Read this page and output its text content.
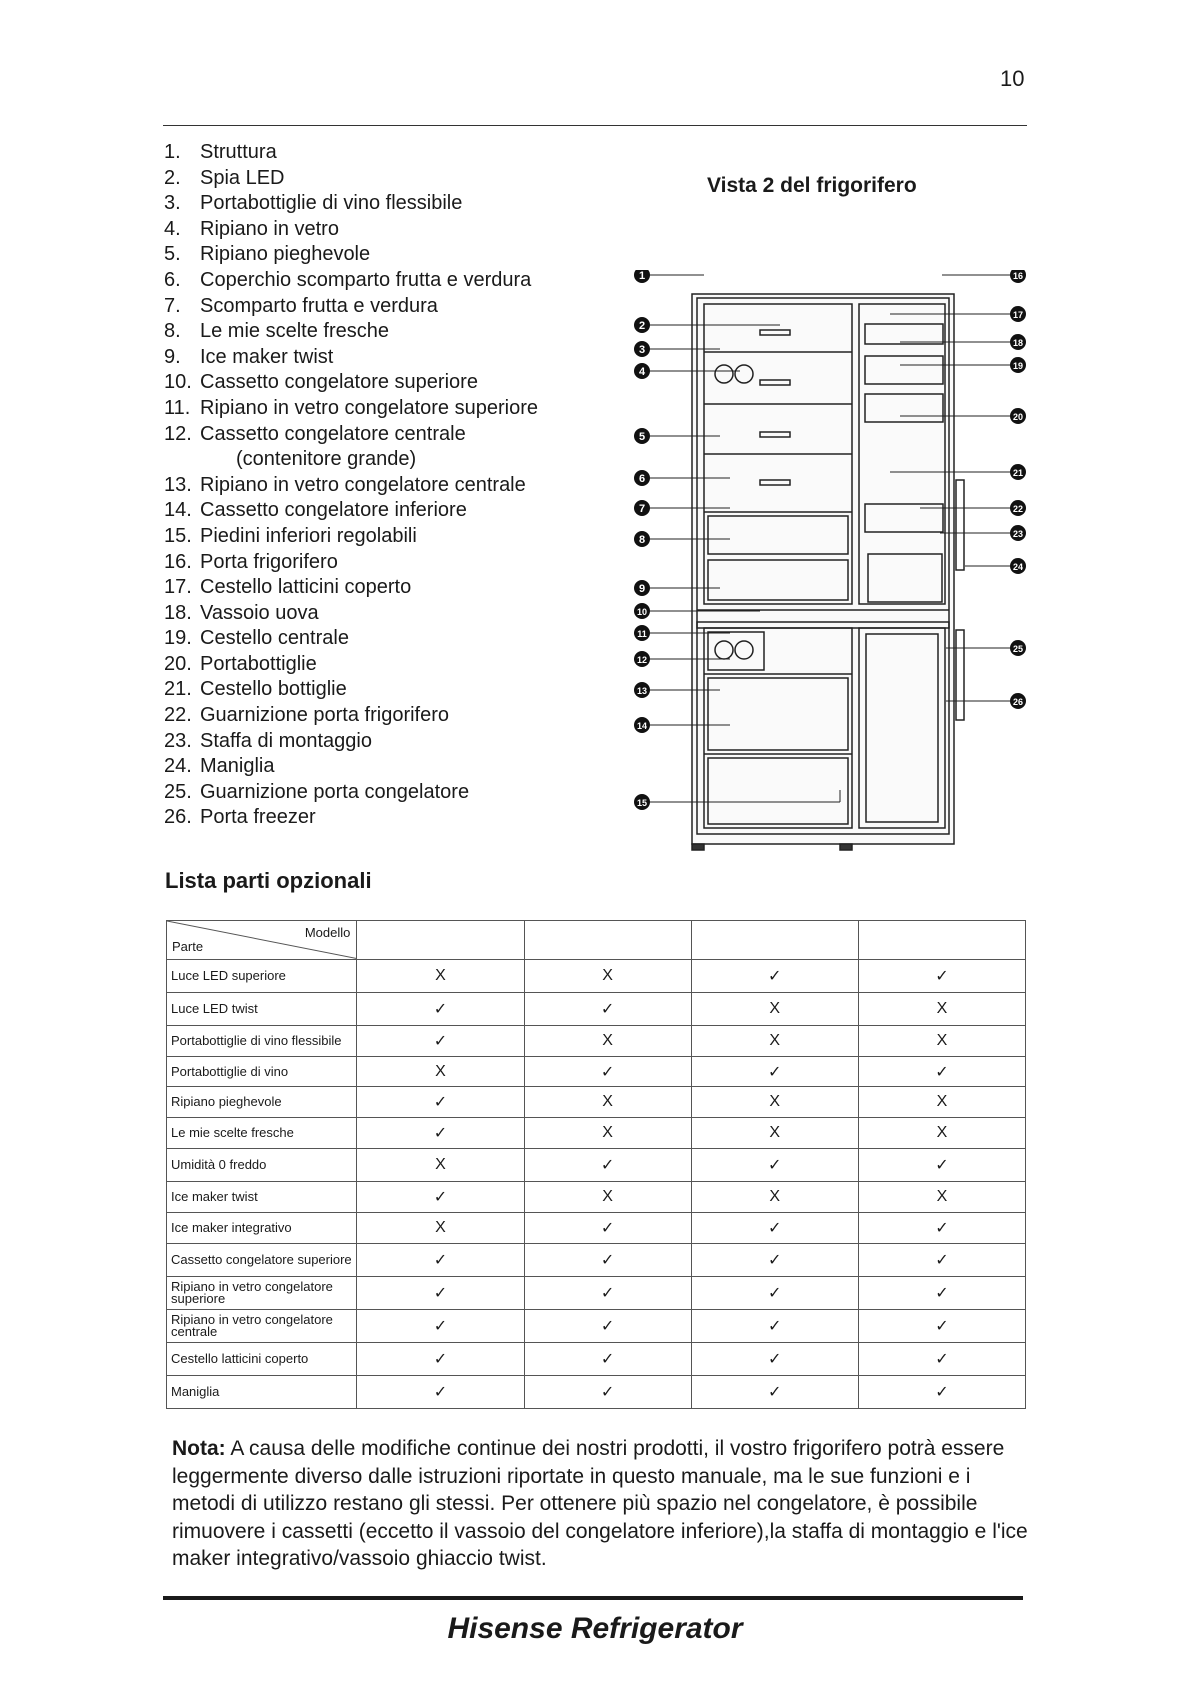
10
1. Struttura
2. Spia LED
3. Portabottiglie di vino flessibile
4. Ripiano in vetro
5. Ripiano pieghevole
6. Coperchio scomparto frutta e verdura
7. Scomparto frutta e verdura
8. Le mie scelte fresche
9. Ice maker twist
10. Cassetto congelatore superiore
11. Ripiano in vetro congelatore superiore
12. Cassetto congelatore centrale
(contenitore grande)
13. Ripiano in vetro congelatore centrale
14. Cassetto congelatore inferiore
15. Piedini inferiori regolabili
16. Porta frigorifero
17. Cestello latticini coperto
18. Vassoio uova
19. Cestello centrale
20. Portabottiglie
21. Cestello bottiglie
22. Guarnizione porta frigorifero
23. Staffa di montaggio
24. Maniglia
25. Guarnizione porta congelatore
26. Porta freezer
Vista 2 del frigorifero
1
2
3
4
5
6
7
8
9
10
11
12
13
14
15
16
17
18
19
20
21
22
23
24
25
26
Lista parti opzionali
Modello
Parte				

Luce LED superiore	X	X	✓	✓
Luce LED twist	✓	✓	X	X
Portabottiglie di vino flessibile	✓	X	X	X
Portabottiglie di vino	X	✓	✓	✓
Ripiano pieghevole	✓	X	X	X
Le mie scelte fresche	✓	X	X	X
Umidità 0 freddo	X	✓	✓	✓
Ice maker twist	✓	X	X	X
Ice maker integrativo	X	✓	✓	✓
Cassetto congelatore superiore	✓	✓	✓	✓
Ripiano in vetro congelatore superiore	✓	✓	✓	✓
Ripiano in vetro congelatore centrale	✓	✓	✓	✓
Cestello latticini coperto	✓	✓	✓	✓
Maniglia	✓	✓	✓	✓
Nota: A causa delle modifiche continue dei nostri prodotti, il vostro frigorifero potrà essere leggermente diverso dalle istruzioni riportate in questo manuale, ma le sue funzioni e i metodi di utilizzo restano gli stessi. Per ottenere più spazio nel congelatore, è possibile rimuovere i cassetti (eccetto il vassoio del congelatore inferiore),la staffa di montaggio e l'ice maker integrativo/vassoio ghiaccio twist.
Hisense Refrigerator
